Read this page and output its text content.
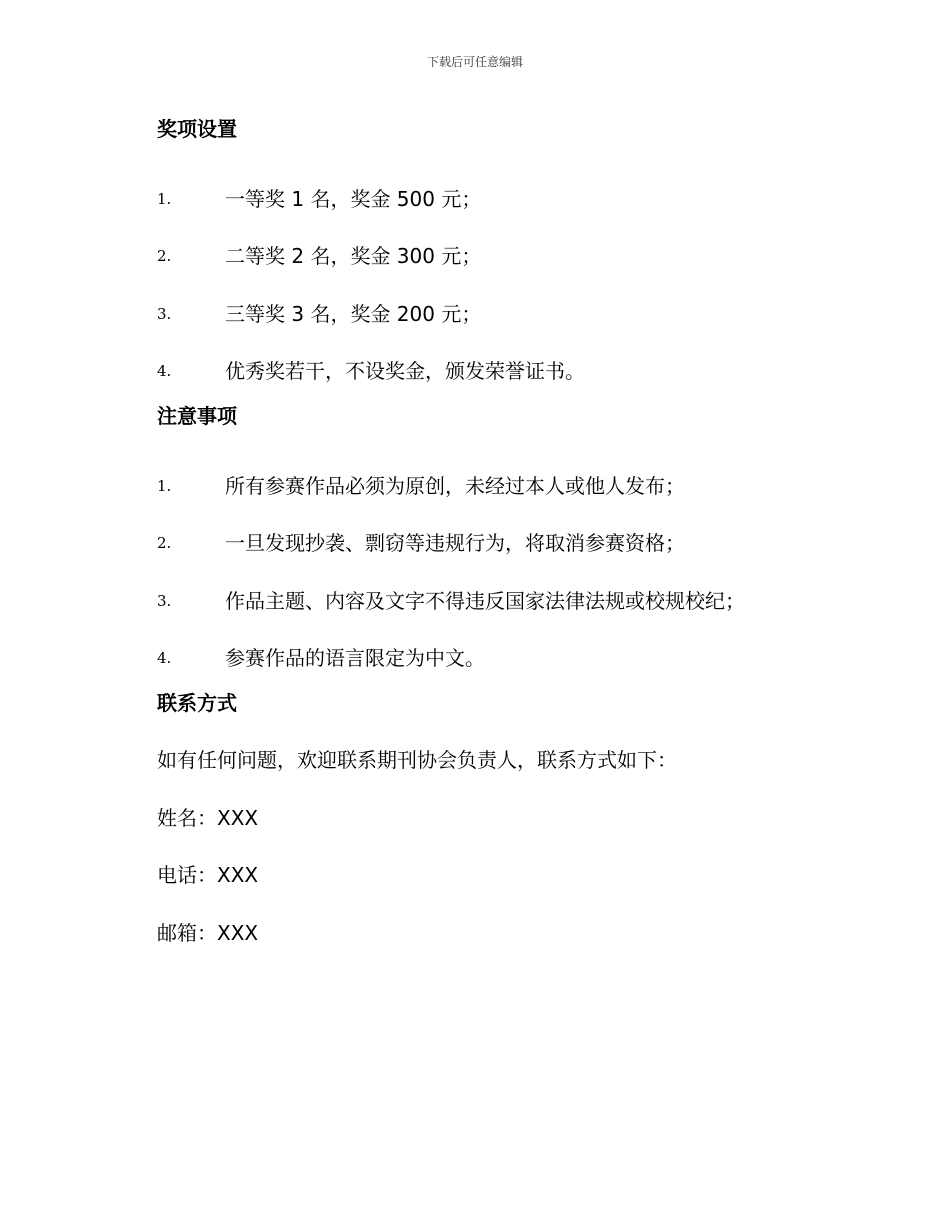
下载后可任意编辑
奖项设置
1.	一等奖 1 名，奖金 500 元；
2.	二等奖 2 名，奖金 300 元；
3.	三等奖 3 名，奖金 200 元；
4.	优秀奖若干，不设奖金，颁发荣誉证书。
注意事项
1.	所有参赛作品必须为原创，未经过本人或他人发布；
2.	一旦发现抄袭、剽窃等违规行为，将取消参赛资格；
3.	作品主题、内容及文字不得违反国家法律法规或校规校纪；
4.	参赛作品的语言限定为中文。
联系方式
如有任何问题，欢迎联系期刊协会负责人，联系方式如下：
姓名：XXX
电话：XXX
邮箱：XXX
